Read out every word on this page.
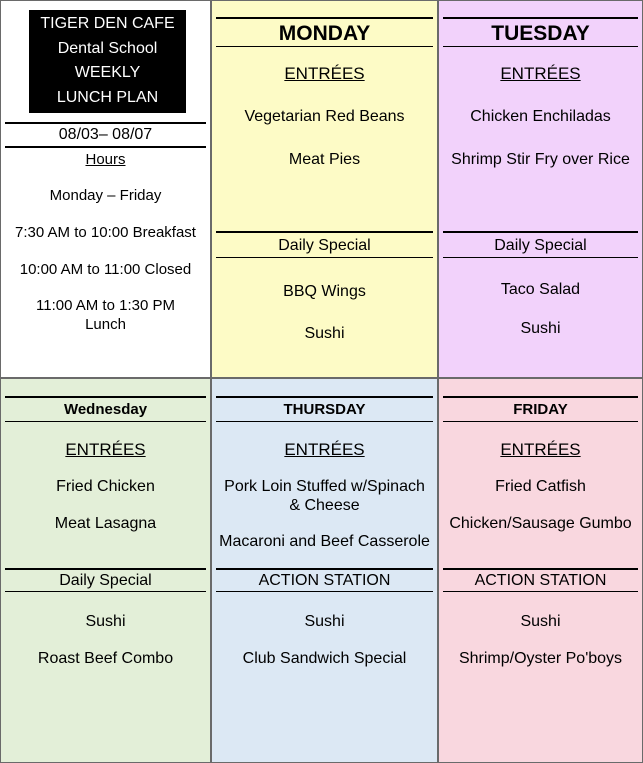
TIGER DEN CAFE
Dental School
WEEKLY
LUNCH PLAN
08/03– 08/07
Hours
Monday – Friday
7:30 AM to 10:00 Breakfast
10:00 AM to 11:00 Closed
11:00 AM to 1:30 PM
Lunch
MONDAY
ENTRÉES
Vegetarian Red Beans
Meat Pies
Daily Special
BBQ Wings
Sushi
TUESDAY
ENTRÉES
Chicken Enchiladas
Shrimp Stir Fry over Rice
Daily Special
Taco Salad
Sushi
Wednesday
ENTRÉES
Fried Chicken
Meat Lasagna
Daily Special
Sushi
Roast Beef Combo
THURSDAY
ENTRÉES
Pork Loin Stuffed w/Spinach & Cheese
Macaroni and Beef Casserole
ACTION STATION
Sushi
Club Sandwich Special
FRIDAY
ENTRÉES
Fried Catfish
Chicken/Sausage Gumbo
ACTION STATION
Sushi
Shrimp/Oyster Po'boys
